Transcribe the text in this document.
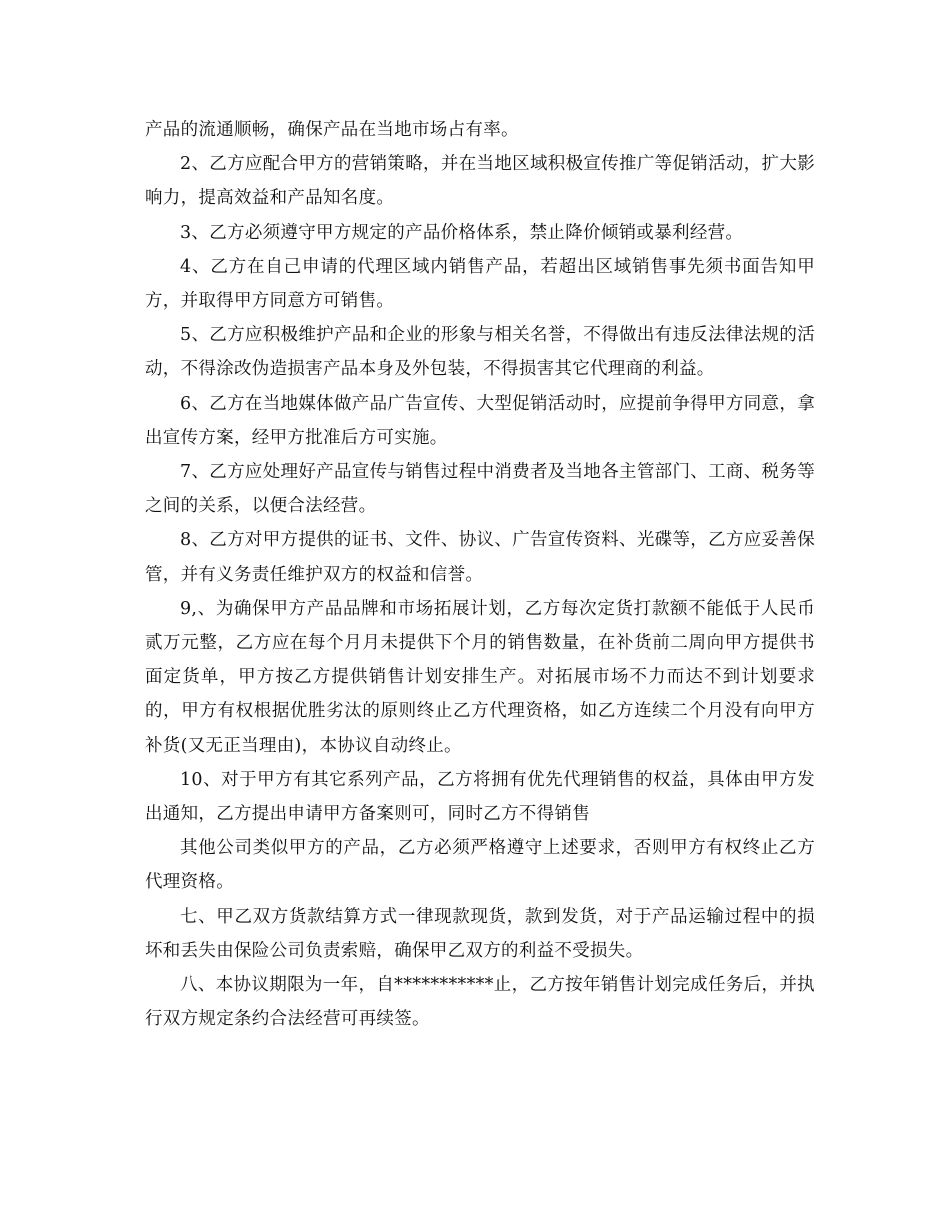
产品的流通顺畅，确保产品在当地市场占有率。

2、乙方应配合甲方的营销策略，并在当地区域积极宣传推广等促销活动，扩大影响力，提高效益和产品知名度。

3、乙方必须遵守甲方规定的产品价格体系，禁止降价倾销或暴利经营。

4、乙方在自己申请的代理区域内销售产品，若超出区域销售事先须书面告知甲方，并取得甲方同意方可销售。

5、乙方应积极维护产品和企业的形象与相关名誉，不得做出有违反法律法规的活动，不得涂改伪造损害产品本身及外包装，不得损害其它代理商的利益。

6、乙方在当地媒体做产品广告宣传、大型促销活动时，应提前争得甲方同意，拿出宣传方案，经甲方批准后方可实施。

7、乙方应处理好产品宣传与销售过程中消费者及当地各主管部门、工商、税务等之间的关系，以便合法经营。

8、乙方对甲方提供的证书、文件、协议、广告宣传资料、光碟等，乙方应妥善保管，并有义务责任维护双方的权益和信誉。

9,、为确保甲方产品品牌和市场拓展计划，乙方每次定货打款额不能低于人民币贰万元整，乙方应在每个月月未提供下个月的销售数量，在补货前二周向甲方提供书面定货单，甲方按乙方提供销售计划安排生产。对拓展市场不力而达不到计划要求的，甲方有权根据优胜劣汰的原则终止乙方代理资格，如乙方连续二个月没有向甲方补货(又无正当理由)，本协议自动终止。

10、对于甲方有其它系列产品，乙方将拥有优先代理销售的权益，具体由甲方发出通知，乙方提出申请甲方备案则可，同时乙方不得销售

其他公司类似甲方的产品，乙方必须严格遵守上述要求，否则甲方有权终止乙方代理资格。

七、甲乙双方货款结算方式一律现款现货，款到发货，对于产品运输过程中的损坏和丢失由保险公司负责索赔，确保甲乙双方的利益不受损失。

八、本协议期限为一年，自***********止，乙方按年销售计划完成任务后，并执行双方规定条约合法经营可再续签。
